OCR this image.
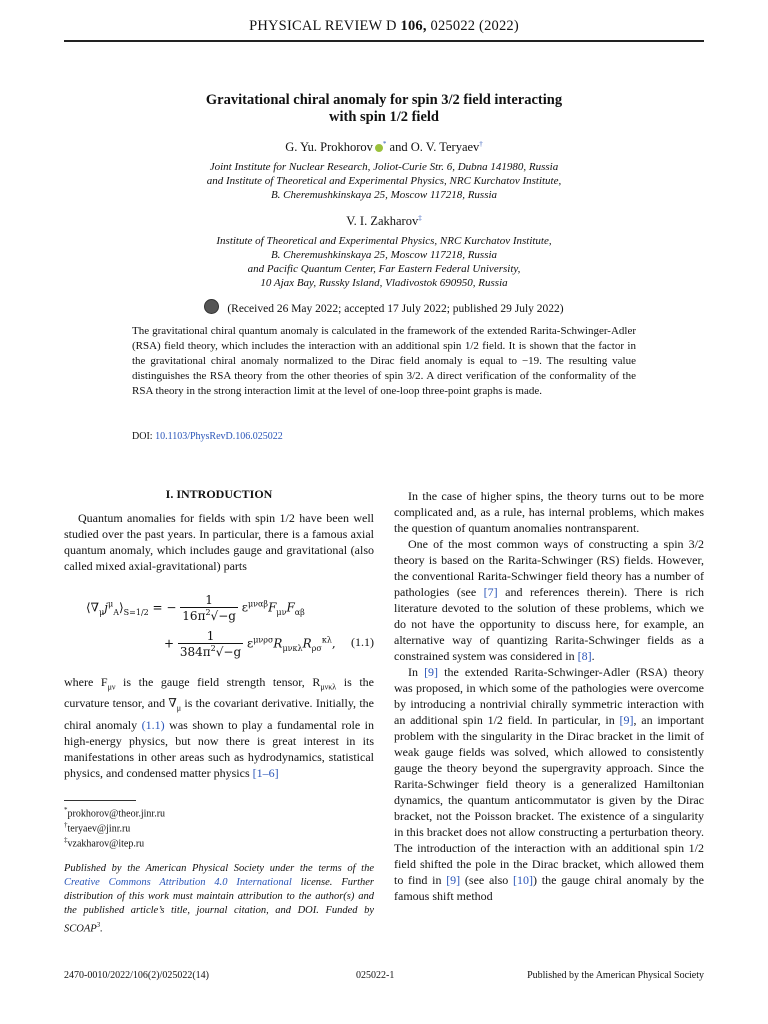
PHYSICAL REVIEW D 106, 025022 (2022)
Gravitational chiral anomaly for spin 3/2 field interacting
with spin 1/2 field
G. Yu. Prokhorov * and O. V. Teryaev†
Joint Institute for Nuclear Research, Joliot-Curie Str. 6, Dubna 141980, Russia
and Institute of Theoretical and Experimental Physics, NRC Kurchatov Institute,
B. Cheremushkinskaya 25, Moscow 117218, Russia
V. I. Zakharov‡
Institute of Theoretical and Experimental Physics, NRC Kurchatov Institute,
B. Cheremushkinskaya 25, Moscow 117218, Russia
and Pacific Quantum Center, Far Eastern Federal University,
10 Ajax Bay, Russky Island, Vladivostok 690950, Russia
(Received 26 May 2022; accepted 17 July 2022; published 29 July 2022)
The gravitational chiral quantum anomaly is calculated in the framework of the extended Rarita-Schwinger-Adler (RSA) field theory, which includes the interaction with an additional spin 1/2 field. It is shown that the factor in the gravitational chiral anomaly normalized to the Dirac field anomaly is equal to −19. The resulting value distinguishes the RSA theory from the other theories of spin 3/2. A direct verification of the conformality of the RSA theory in the strong interaction limit at the level of one-loop three-point graphs is made.
DOI: 10.1103/PhysRevD.106.025022
I. INTRODUCTION

Quantum anomalies for fields with spin 1/2 have been well studied over the past years. In particular, there is a famous axial quantum anomaly, which includes gauge and gravitational (also called mixed axial-gravitational) parts

$⟨\nabla_\mu j^\mu_A⟩_{S=1/2}$ = − $\frac{1}{16\pi^2√-g} \varepsilon^{\mu\nu\alpha\beta}F_{\mu\nu}F_{\alpha\beta}$
+ $\frac{1}{384\pi^2√-g} \varepsilon^{\mu\nu\rho\sigma}R_{\mu\nu\kappa\lambda}R_{\rho\sigma}^{\kappa\lambda}$, (1.1)

where $F_{\mu\nu}$ is the gauge field strength tensor, $R_{\mu\nu\kappa\lambda}$ is the curvature tensor, and $\nabla_\mu$ is the covariant derivative. Initially, the chiral anomaly (1.1) was shown to play a fundamental role in high-energy physics, but now there is great interest in its manifestations in other areas such as hydrodynamics, statistical physics, and condensed matter physics [1–6]

*prokhorov@theor.jinr.ru
†teryaev@jinr.ru
‡vzakharov@itep.ru
Published by the American Physical Society under the terms of the Creative Commons Attribution 4.0 International license. Further distribution of this work must maintain attribution to the author(s) and the published article’s title, journal citation, and DOI. Funded by SCOAP$^3$.

In the case of higher spins, the theory turns out to be more complicated and, as a rule, has internal problems, which makes the question of quantum anomalies nontransparent.

One of the most common ways of constructing a spin 3/2 theory is based on the Rarita-Schwinger (RS) fields. However, the conventional Rarita-Schwinger field theory has a number of pathologies (see [7] and references therein). There is rich literature devoted to the solution of these problems, which we do not have the opportunity to discuss here, for example, an alternative way of quantizing Rarita-Schwinger fields as a constrained system was considered in [8].

In [9] the extended Rarita-Schwinger-Adler (RSA) theory was proposed, in which some of the pathologies were overcome by introducing a nontrivial chirally symmetric interaction with an additional spin 1/2 field. In particular, in [9], an important problem with the singularity in the Dirac bracket in the limit of weak gauge fields was solved, which allowed to consistently gauge the theory beyond the supergravity approach. Since the Rarita-Schwinger field theory is a generalized Hamiltonian dynamics, the quantum anticommutator is given by the Dirac bracket, not the Poisson bracket. The existence of a singularity in this bracket does not allow constructing a perturbation theory. The introduction of the interaction with an additional spin 1/2 field shifted the pole in the Dirac bracket, which allowed them to find in [9] (see also [10]) the gauge chiral anomaly by the famous shift method

2470-0010/2022/106(2)/025022(14)	025022-1	Published by the American Physical Society
